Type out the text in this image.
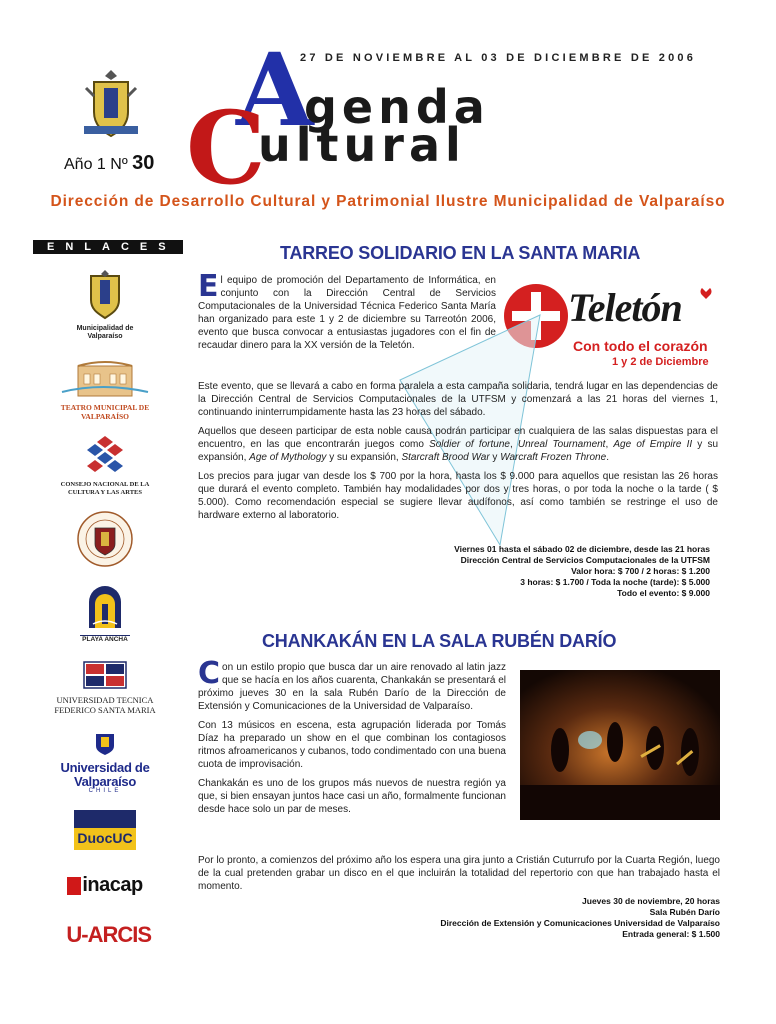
27 DE NOVIEMBRE AL 03 DE DICIEMBRE DE 2006
Año 1 Nº 30
A
genda
C
ultural
Dirección de Desarrollo Cultural y Patrimonial Ilustre Municipalidad de Valparaíso
ENLACES
Municipalidad de Valparaíso
TEATRO MUNICIPAL DE VALPARAÍSO
CONSEJO NACIONAL DE LA CULTURA Y LAS ARTES
PLAYA ANCHA
UNIVERSIDAD TECNICA FEDERICO SANTA MARIA
Universidad de Valparaíso
CHILE
DuocUC
inacap
U-ARCIS
TARREO SOLIDARIO EN LA SANTA MARIA
Teletón
Con todo el corazón
1 y 2 de Diciembre
El equipo de promoción del Departamento de Informática, en conjunto con la Dirección Central de Servicios Computacionales de la Universidad Técnica Federico Santa María han organizado para este 1 y 2 de diciembre su Tarreotón 2006, evento que busca convocar a entusiastas jugadores con el fin de recaudar dinero para la XX versión de la Teletón.

Este evento, que se llevará a cabo en forma paralela a esta campaña solidaria, tendrá lugar en las dependencias de la Dirección Central de Servicios Computacionales de la UTFSM y comenzará a las 21 horas del viernes 1, continuando ininterrumpidamente hasta las 23 horas del sábado.

Aquellos que deseen participar de esta noble causa podrán participar en cualquiera de las salas dispuestas para el encuentro, en las que encontrarán juegos como Soldier of fortune, Unreal Tournament, Age of Empire II y su expansión, Age of Mythology y su expansión, Starcraft Brood War y Warcraft Frozen Throne.

Los precios para jugar van desde los $ 700 por la hora, hasta los $ 9.000 para aquellos que resistan las 26 horas que durará el evento completo. También hay modalidades por dos y tres horas, o por toda la noche o la tarde ( $ 5.000). Como recomendación especial se sugiere llevar audífonos, así como también se restringe el uso de hardware externo al laboratorio.

Viernes 01 hasta el sábado 02 de diciembre, desde las 21 horas
Dirección Central de Servicios Computacionales de la UTFSM
Valor hora: $ 700 / 2 horas: $ 1.200
3 horas: $ 1.700 / Toda la noche (tarde): $ 5.000
Todo el evento: $ 9.000
CHANKAKÁN EN LA SALA RUBÉN DARÍO

Con un estilo propio que busca dar un aire renovado al latin jazz que se hacía en los años cuarenta, Chankakán se presentará el próximo jueves 30 en la sala Rubén Darío de la Dirección de Extensión y Comunicaciones de la Universidad de Valparaíso.

Con 13 músicos en escena, esta agrupación liderada por Tomás Díaz ha preparado un show en el que combinan los contagiosos ritmos afroamericanos y cubanos, todo condimentado con una buena cuota de improvisación.

Chankakán es uno de los grupos más nuevos de nuestra región ya que, si bien ensayan juntos hace casi un año, formalmente funcionan desde hace solo un par de meses.

Por lo pronto, a comienzos del próximo año los espera una gira junto a Cristián Cuturrufo por la Cuarta Región, luego de la cual pretenden grabar un disco en el que incluirán la totalidad del repertorio con que han trabajado hasta el momento.

Jueves 30 de noviembre, 20 horas
Sala Rubén Darío
Dirección de Extensión y Comunicaciones Universidad de Valparaíso
Entrada general: $ 1.500
